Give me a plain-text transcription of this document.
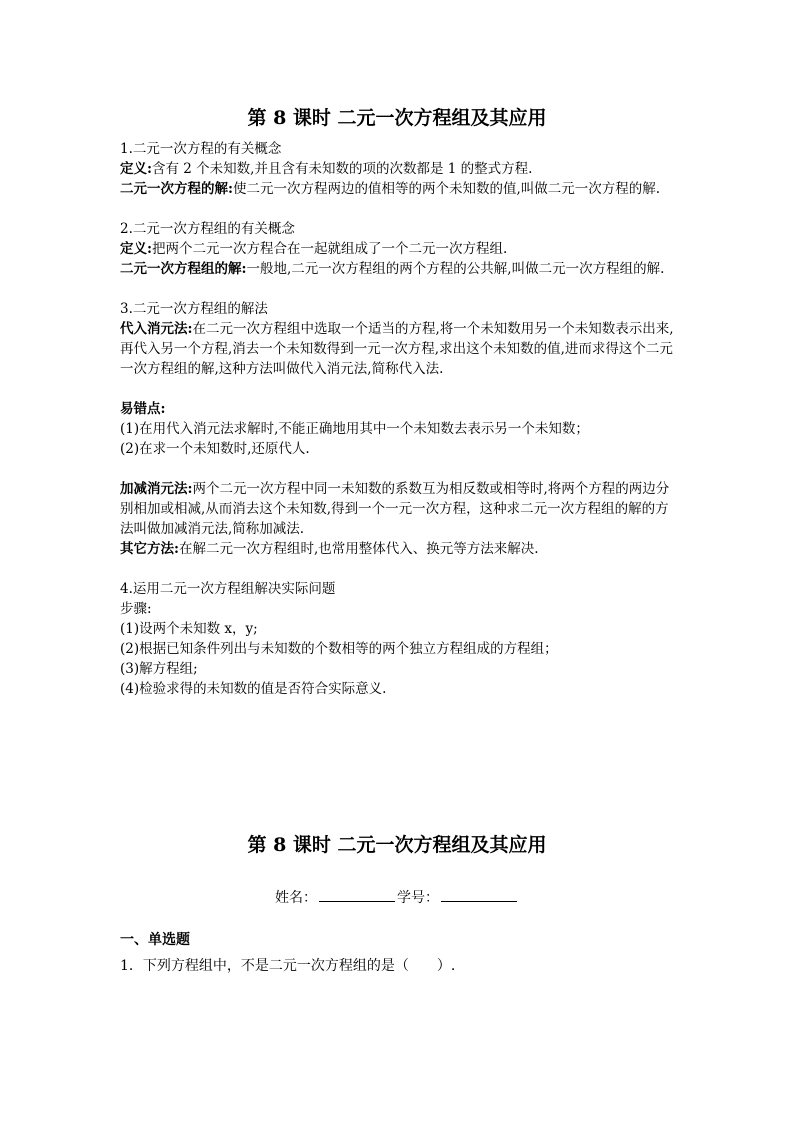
第 8 课时 二元一次方程组及其应用

1.二元一次方程的有关概念

定义:含有 2 个未知数,并且含有未知数的项的次数都是 1 的整式方程.

二元一次方程的解:使二元一次方程两边的值相等的两个未知数的值,叫做二元一次方程的解.

2.二元一次方程组的有关概念

定义:把两个二元一次方程合在一起就组成了一个二元一次方程组.

二元一次方程组的解:一般地,二元一次方程组的两个方程的公共解,叫做二元一次方程组的解.

3.二元一次方程组的解法

代入消元法:在二元一次方程组中选取一个适当的方程,将一个未知数用另一个未知数表示出来,再代入另一个方程,消去一个未知数得到一元一次方程,求出这个未知数的值,进而求得这个二元一次方程组的解,这种方法叫做代入消元法,简称代入法.

易错点:

(1)在用代入消元法求解时,不能正确地用其中一个未知数去表示另一个未知数；

(2)在求一个未知数时,还原代人.

加减消元法:两个二元一次方程中同一未知数的系数互为相反数或相等时,将两个方程的两边分别相加或相减,从而消去这个未知数,得到一个一元一次方程，这种求二元一次方程组的解的方法叫做加减消元法,简称加减法.

其它方法:在解二元一次方程组时,也常用整体代入、换元等方法来解决.

4.运用二元一次方程组解决实际问题

步骤:

(1)设两个未知数 x，y;

(2)根据已知条件列出与未知数的个数相等的两个独立方程组成的方程组；

(3)解方程组;

(4)检验求得的未知数的值是否符合实际意义.

第 8 课时 二元一次方程组及其应用
姓名：	学号：
一、单选题
1．下列方程组中，不是二元一次方程组的是（　　）.
